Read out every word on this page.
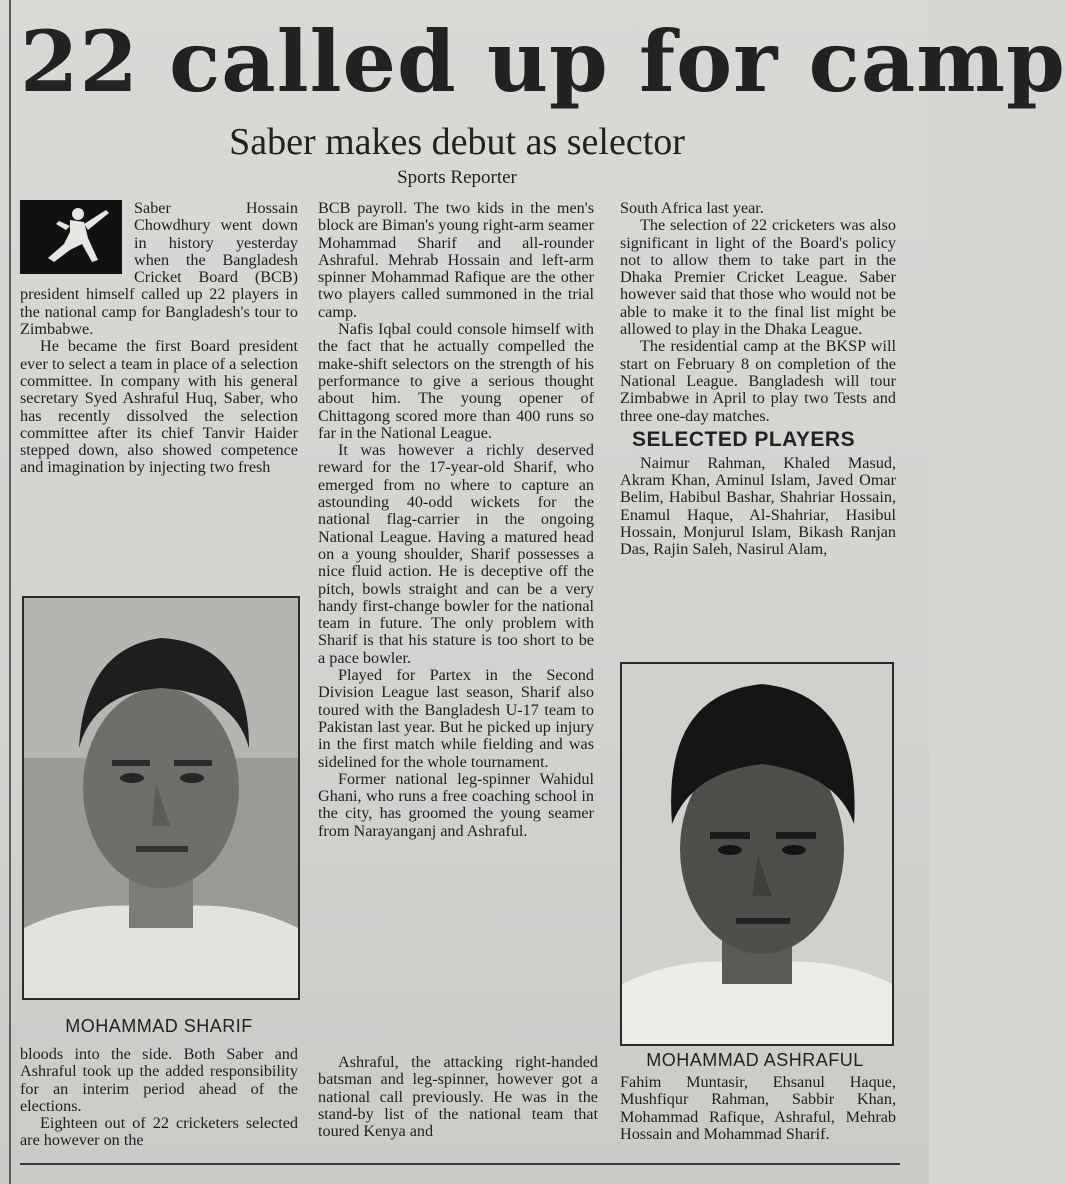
22 called up for camp
Saber makes debut as selector
Sports Reporter

Saber Hossain Chowdhury went down in history yesterday when the Bangladesh Cricket Board (BCB) president himself called up 22 players in the national camp for Bangladesh's tour to Zimbabwe.

He became the first Board president ever to select a team in place of a selection committee. In company with his general secretary Syed Ashraful Huq, Saber, who has recently dissolved the selection committee after its chief Tanvir Haider stepped down, also showed competence and imagination by injecting two fresh

MOHAMMAD SHARIF

bloods into the side. Both Saber and Ashraful took up the added responsibility for an interim period ahead of the elections.

Eighteen out of 22 cricketers selected are however on the

BCB payroll. The two kids in the men's block are Biman's young right-arm seamer Mohammad Sharif and all-rounder Ashraful. Mehrab Hossain and left-arm spinner Mohammad Rafique are the other two players called summoned in the trial camp.

Nafis Iqbal could console himself with the fact that he actually compelled the make-shift selectors on the strength of his performance to give a serious thought about him. The young opener of Chittagong scored more than 400 runs so far in the National League.

It was however a richly deserved reward for the 17-year-old Sharif, who emerged from no where to capture an astounding 40-odd wickets for the national flag-carrier in the ongoing National League. Having a matured head on a young shoulder, Sharif possesses a nice fluid action. He is deceptive off the pitch, bowls straight and can be a very handy first-change bowler for the national team in future. The only problem with Sharif is that his stature is too short to be a pace bowler.

Played for Partex in the Second Division League last season, Sharif also toured with the Bangladesh U-17 team to Pakistan last year. But he picked up injury in the first match while fielding and was sidelined for the whole tournament.

Former national leg-spinner Wahidul Ghani, who runs a free coaching school in the city, has groomed the young seamer from Narayanganj and Ashraful.

Ashraful, the attacking right-handed batsman and leg-spinner, however got a national call previously. He was in the stand-by list of the national team that toured Kenya and

South Africa last year.

The selection of 22 cricketers was also significant in light of the Board's policy not to allow them to take part in the Dhaka Premier Cricket League. Saber however said that those who would not be able to make it to the final list might be allowed to play in the Dhaka League.

The residential camp at the BKSP will start on February 8 on completion of the National League. Bangladesh will tour Zimbabwe in April to play two Tests and three one-day matches.

SELECTED PLAYERS

Naimur Rahman, Khaled Masud, Akram Khan, Aminul Islam, Javed Omar Belim, Habibul Bashar, Shahriar Hossain, Enamul Haque, Al-Shahriar, Hasibul Hossain, Monjurul Islam, Bikash Ranjan Das, Rajin Saleh, Nasirul Alam,

MOHAMMAD ASHRAFUL

Fahim Muntasir, Ehsanul Haque, Mushfiqur Rahman, Sabbir Khan, Mohammad Rafique, Ashraful, Mehrab Hossain and Mohammad Sharif.
